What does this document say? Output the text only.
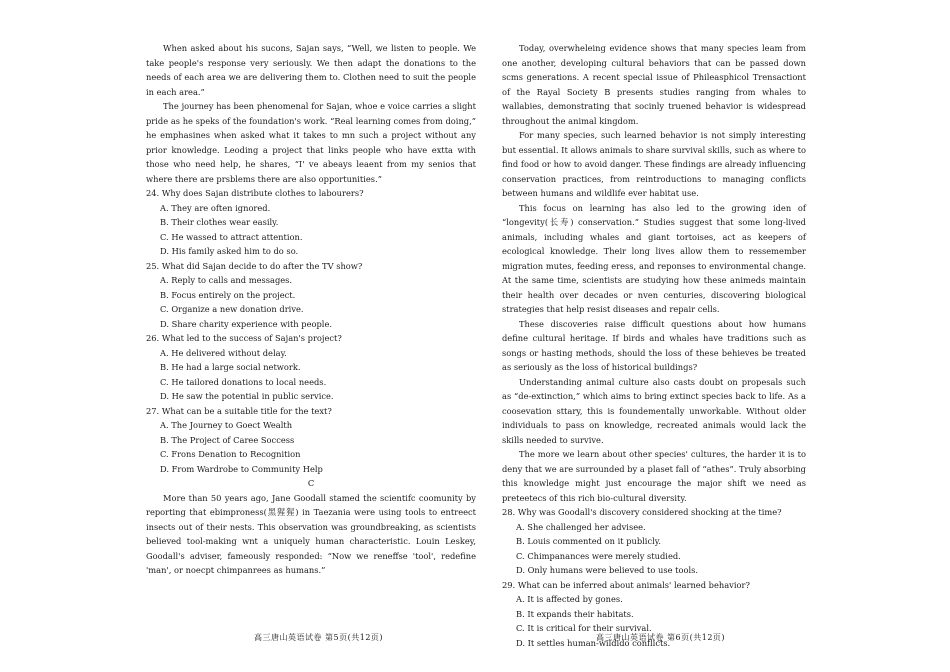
When asked about his sucons, Sajan says, “Well, we listen to people. We take people's response very seriously. We then adapt the donations to the needs of each area we are delivering them to. Clothen need to suit the people in each area.”

The journey has been phenomenal for Sajan, whoe e voice carries a slight pride as he speks of the foundation's work. “Real learning comes from doing,” he emphasines when asked what it takes to mn such a project without any prior knowledge. Leoding a project that links people who have extta with those who need help, he shares, “I' ve abeays leaent from my senios that where there are prsblems there are also opportunities.”

24. Why does Sajan distribute clothes to labourers?

A. They are often ignored.

B. Their clothes wear easily.

C. He wassed to attract attention.

D. His family asked him to do so.

25. What did Sajan decide to do after the TV show?

A. Reply to calls and messages.

B. Focus entirely on the project.

C. Organize a new donation drive.

D. Share charity experience with people.

26. What led to the success of Sajan's project?

A. He delivered without delay.

B. He had a large social network.

C. He tailored donations to local needs.

D. He saw the potential in public service.

27. What can be a suitable title for the text?

A. The Journey to Goect Wealth

B. The Project of Caree Soccess

C. Frons Denation to Recognition

D. From Wardrobe to Community Help

C

More than 50 years ago, Jane Goodall stamed the scientifc coomunity by reporting that ebimproness(黑猩猩) in Taezania were using tools to entreect insects out of their nests. This observation was groundbreaking, as scientists believed tool-making wnt a uniquely human characteristic. Louin Leskey, Goodall's adviser, fameously responded: “Now we reneffse 'tool', redefine 'man', or noecpt chimpanrees as humans.”

Today, overwheleing evidence shows that many species leam from one another, developing cultural behaviors that can be passed down scms generations. A recent special issue of Phileasphicol Trensactiont of the Rayal Society B presents studies ranging from whales to wallabies, demonstrating that socinly truened behavior is widespread throughout the animal kingdom.

For many species, such learned behavior is not simply interesting but essential. It allows animals to share survival skills, such as where to find food or how to avoid danger. These findings are already influencing conservation practices, from reintroductions to managing conflicts between humans and wildlife ever habitat use.

This focus on learning has also led to the growing iden of “longevity(长寿) conservation.” Studies suggest that some long-lived animals, including whales and giant tortoises, act as keepers of ecological knowledge. Their long lives allow them to ressemember migration mutes, feeding eress, and reponses to environmental change. At the same time, scientists are studying how these animeds maintain their health over decades or nven centuries, discovering biological strategies that help resist diseases and repair cells.

These discoveries raise difficult questions about how humans define cultural heritage. If birds and whales have traditions such as songs or hasting methods, should the loss of these behieves be treated as seriously as the loss of historical buildings?

Understanding animal culture also casts doubt on propesals such as “de-extinction,” which aims to bring extinct species back to life. As a coosevation sttary, this is foundementally unworkable. Without older individuals to pass on knowledge, recreated animals would lack the skills needed to survive.

The more we learn about other species' cultures, the harder it is to deny that we are surrounded by a plaset fall of “athes”. Truly absorbing this knowledge might just encourage the major shift we need as preteetecs of this rich bio-cultural diversity.

28. Why was Goodall's discovery considered shocking at the time?

A. She challenged her advisee.

B. Louis commented on it publicly.

C. Chimpanances were merely studied.

D. Only humans were believed to use tools.

29. What can be inferred about animals' learned behavior?

A. It is affected by gones.

B. It expands their habitats.

C. It is critical for their survival.

D. It settles human-wildido conflicts.

高三唐山英语试卷 第5页(共12页)	高三唐山英语试卷 第6页(共12页)
